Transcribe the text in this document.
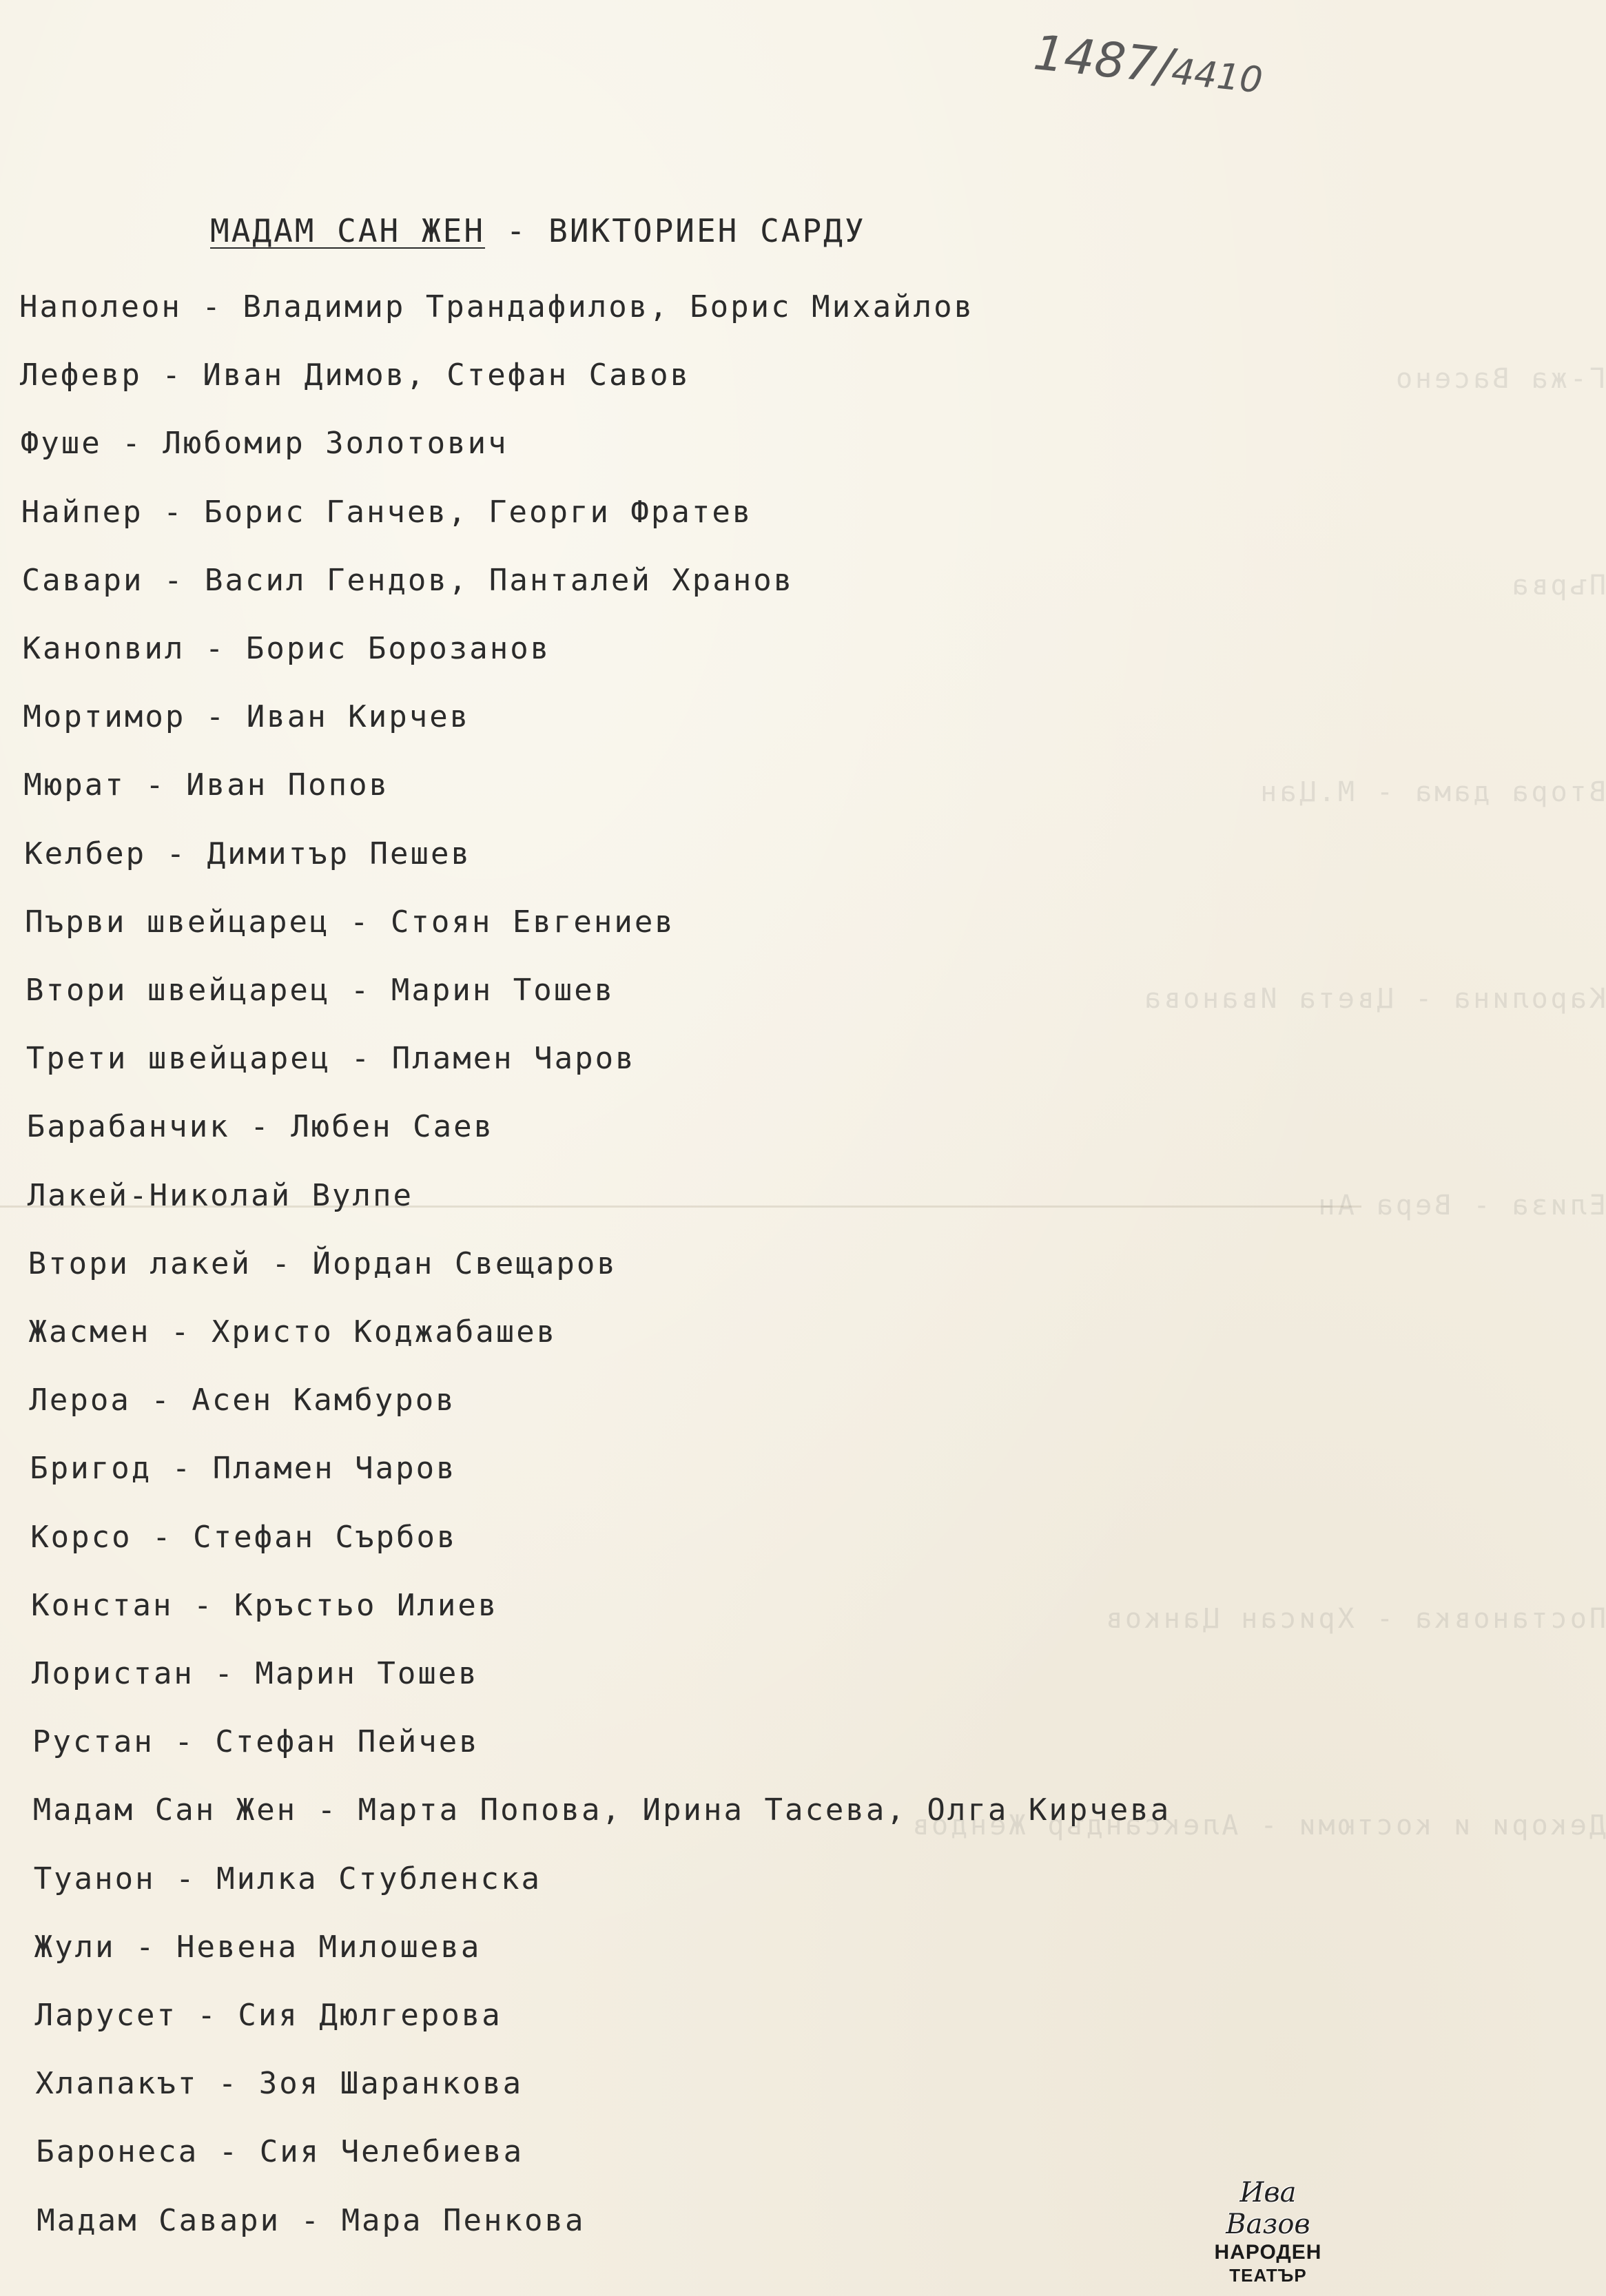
Г-жа Васено

Първа

Втора дама - М.Цан

Каролина - Цвета Иванова

Елиза - Вера Ан

Постановка - Хрисан Цанков

Декори и костюми - Александър Жендов

1487/4410
МАДАМ САН ЖЕН - ВИКТОРИЕН САРДУ
Наполеон - Владимир Трандафилов, Борис Михайлов
Лефевр - Иван Димов, Стефан Савов
Фуше - Любомир Золотович
Найпер - Борис Ганчев, Георги Фратев
Савари - Васил Гендов, Панталей Хранов
Каноnвил - Борис Борозанов
Мортимор - Иван Кирчев
Мюрат - Иван Попов
Келбер - Димитър Пешев
Първи швейцарец - Стоян Евгениев
Втори швейцарец - Марин Тошев
Трети швейцарец - Пламен Чаров
Барабанчик - Любен Саев
Лакей-Николай Вулпе
Втори лакей - Йордан Свещаров
Жасмен - Христо Коджабашев
Лероа - Асен Камбуров
Бригод - Пламен Чаров
Корсо - Стефан Сърбов
Констан - Кръстьо Илиев
Лористан - Марин Тошев
Рустан - Стефан Пейчев
Мадам Сан Жен - Марта Попова, Ирина Тасева, Олга Кирчева
Туанон - Милка Стубленска
Жули - Невена Милошева
Ларусет - Сия Дюлгерова
Хлапакът - Зоя Шаранкова
Баронеса - Сия Челебиева
Мадам Савари - Мара Пенкова
Ива Вазов
НАРОДЕН
ТЕАТЪР
